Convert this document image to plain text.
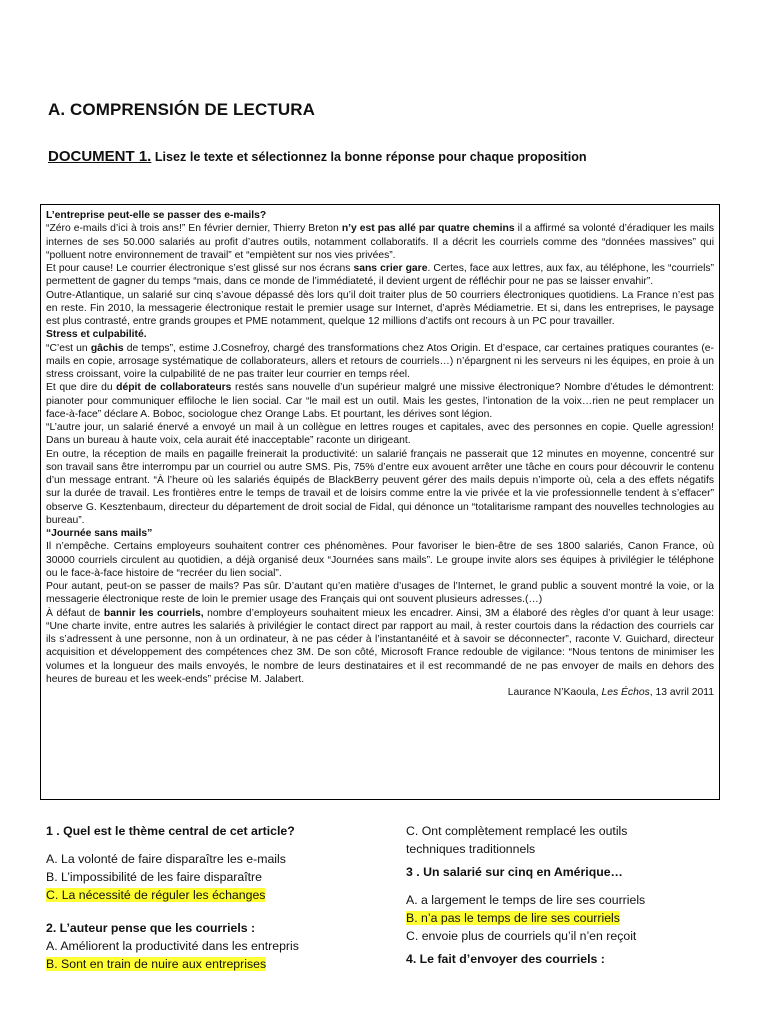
A. COMPRENSIÓN DE LECTURA
DOCUMENT 1. Lisez le texte et sélectionnez la bonne réponse pour chaque proposition

L’entreprise peut-elle se passer des e-mails?

“Zéro e-mails d’ici à trois ans!” En février dernier, Thierry Breton n’y est pas allé par quatre chemins il a affirmé sa volonté d’éradiquer les mails internes de ses 50.000 salariés au profit d’autres outils, notamment collaboratifs. Il a décrit les courriels comme des “données massives” qui “polluent notre environnement de travail” et “empiètent sur nos vies privées”.

Et pour cause! Le courrier électronique s’est glissé sur nos écrans sans crier gare. Certes, face aux lettres, aux fax, au téléphone, les “courriels” permettent de gagner du temps “mais, dans ce monde de l’immédiateté, il devient urgent de réfléchir pour ne pas se laisser envahir”.

Outre-Atlantique, un salarié sur cinq s’avoue dépassé dès lors qu’il doit traiter plus de 50 courriers électroniques quotidiens. La France n’est pas en reste. Fin 2010, la messagerie électronique restait le premier usage sur Internet, d’après Médiametrie. Et si, dans les entreprises, le paysage est plus contrasté, entre grands groupes et PME notamment, quelque 12 millions d’actifs ont recours à un PC pour travailler.

Stress et culpabilité.

“C’est un gâchis de temps”, estime J.Cosnefroy, chargé des transformations chez Atos Origin. Et d’espace, car certaines pratiques courantes (e-mails en copie, arrosage systématique de collaborateurs, allers et retours de courriels…) n’épargnent ni les serveurs ni les équipes, en proie à un stress croissant, voire la culpabilité de ne pas traiter leur courrier en temps réel.

Et que dire du dépit de collaborateurs restés sans nouvelle d’un supérieur malgré une missive électronique? Nombre d’études le démontrent: pianoter pour communiquer effiloche le lien social. Car “le mail est un outil. Mais les gestes, l’intonation de la voix…rien ne peut remplacer un face-à-face” déclare A. Boboc, sociologue chez Orange Labs. Et pourtant, les dérives sont légion.

“L’autre jour, un salarié énervé a envoyé un mail à un collègue en lettres rouges et capitales, avec des personnes en copie. Quelle agression! Dans un bureau à haute voix, cela aurait été inacceptable” raconte un dirigeant.

En outre, la réception de mails en pagaille freinerait la productivité: un salarié français ne passerait que 12 minutes en moyenne, concentré sur son travail sans être interrompu par un courriel ou autre SMS. Pis, 75% d’entre eux avouent arrêter une tâche en cours pour découvrir le contenu d’un message entrant. “À l’heure où les salariés équipés de BlackBerry peuvent gérer des mails depuis n’importe où, cela a des effets négatifs sur la durée de travail. Les frontières entre le temps de travail et de loisirs comme entre la vie privée et la vie professionnelle tendent à s’effacer” observe G. Kesztenbaum, directeur du département de droit social de Fidal, qui dénonce un “totalitarisme rampant des nouvelles technologies au bureau”.

“Journée sans mails”

Il n’empêche. Certains employeurs souhaitent contrer ces phénomènes. Pour favoriser le bien-être de ses 1800 salariés, Canon France, où 30000 courriels circulent au quotidien, a déjà organisé deux “Journées sans mails”. Le groupe invite alors ses équipes à privilégier le téléphone ou le face-à-face histoire de “recréer du lien social”.

Pour autant, peut-on se passer de mails? Pas sûr. D’autant qu’en matière d’usages de l’Internet, le grand public a souvent montré la voie, or la messagerie électronique reste de loin le premier usage des Français qui ont souvent plusieurs adresses.(…)

À défaut de bannir les courriels, nombre d’employeurs souhaitent mieux les encadrer. Ainsi, 3M a élaboré des règles d’or quant à leur usage: “Une charte invite, entre autres les salariés à privilégier le contact direct par rapport au mail, à rester courtois dans la rédaction des courriels car ils s’adressent à une personne, non à un ordinateur, à ne pas céder à l’instantanéité et à savoir se déconnecter”, raconte V. Guichard, directeur acquisition et développement des compétences chez 3M. De son côté, Microsoft France redouble de vigilance: “Nous tentons de minimiser les volumes et la longueur des mails envoyés, le nombre de leurs destinataires et il est recommandé de ne pas envoyer de mails en dehors des heures de bureau et les week-ends” précise M. Jalabert.

Laurance N’Kaoula, Les Échos, 13 avril 2011

1 . Quel est le thème central de cet article?
A. La volonté de faire disparaître les e-mails
B. L’impossibilité de les faire disparaître
C. La nécessité de réguler les échanges
2. L’auteur pense que les courriels :
A. Améliorent la productivité dans les entrepris
B. Sont en train de nuire aux entreprises
C. Ont complètement remplacé les outils
techniques traditionnels
3 . Un salarié sur cinq en Amérique…
A. a largement le temps de lire ses courriels
B. n’a pas le temps de lire ses courriels
C. envoie plus de courriels qu’il n’en reçoit
4. Le fait d’envoyer des courriels :
